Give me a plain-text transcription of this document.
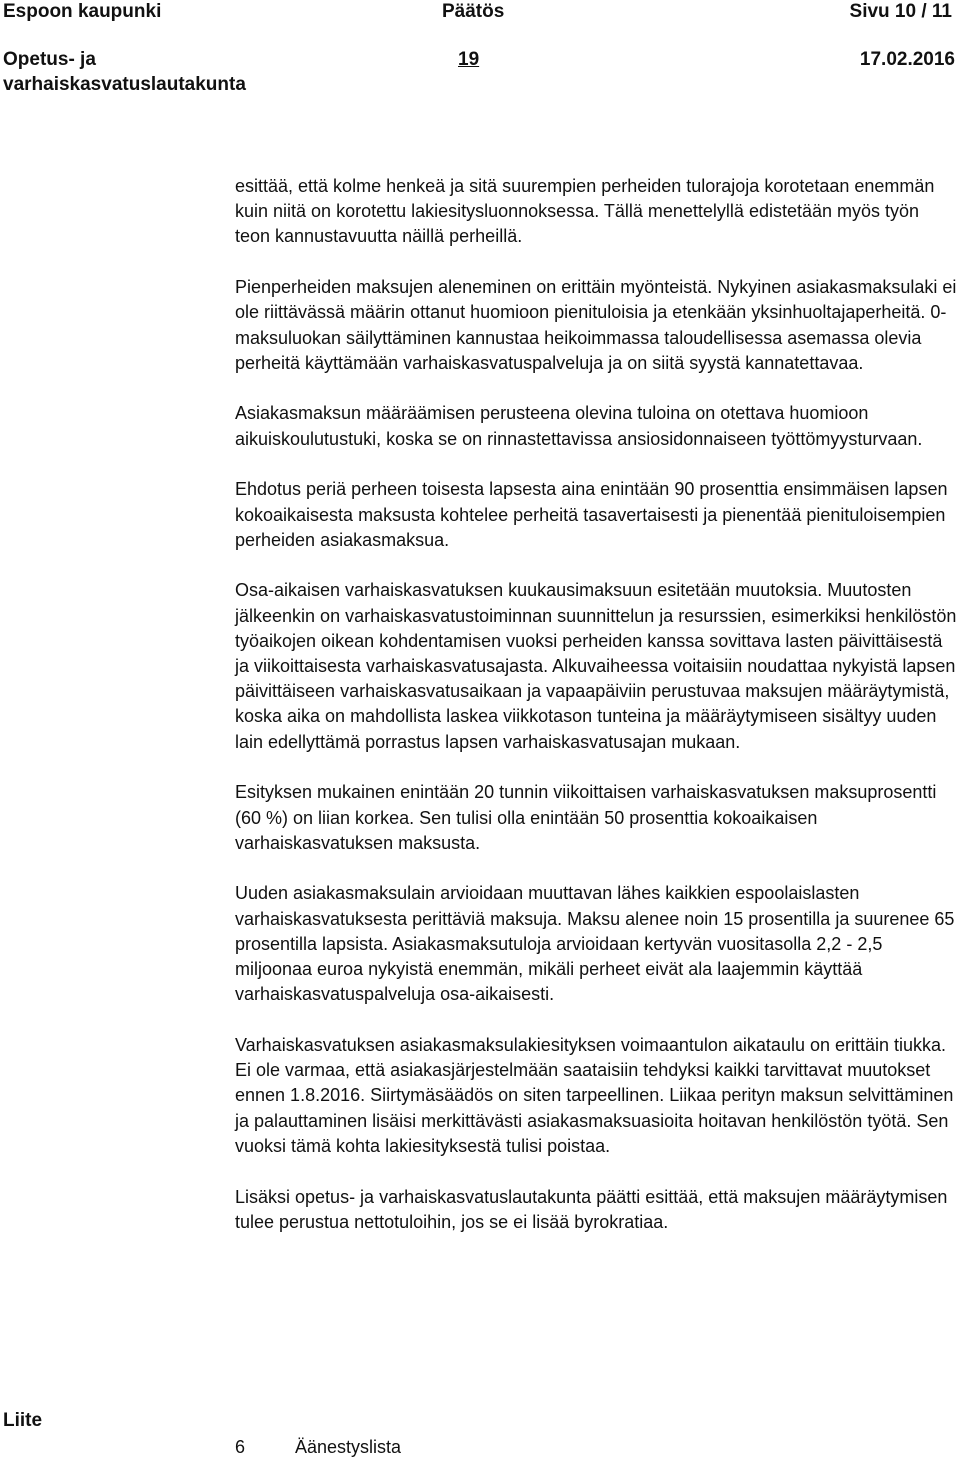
Espoon kaupunki	Päätös	Sivu 10 / 11
Opetus- ja
varhaiskasvatuslautakunta
19	17.02.2016

esittää, että kolme henkeä ja sitä suurempien perheiden tulorajoja korotetaan enemmän kuin niitä on korotettu lakiesitysluonnoksessa. Tällä menettelyllä edistetään myös työn teon kannustavuutta näillä perheillä.

Pienperheiden maksujen aleneminen on erittäin myönteistä. Nykyinen asiakasmaksulaki ei ole riittävässä määrin ottanut huomioon pienituloisia ja etenkään yksinhuoltajaperheitä. 0-maksuluokan säilyttäminen kannustaa heikoimmassa taloudellisessa asemassa olevia perheitä käyttämään varhaiskasvatuspalveluja ja on siitä syystä kannatettavaa.

Asiakasmaksun määräämisen perusteena olevina tuloina on otettava huomioon aikuiskoulutustuki, koska se on rinnastettavissa ansiosidonnaiseen työttömyysturvaan.

Ehdotus periä perheen toisesta lapsesta aina enintään 90 prosenttia ensimmäisen lapsen kokoaikaisesta maksusta kohtelee perheitä tasavertaisesti ja pienentää pienituloisempien perheiden asiakasmaksua.

Osa-aikaisen varhaiskasvatuksen kuukausimaksuun esitetään muutoksia. Muutosten jälkeenkin on varhaiskasvatustoiminnan suunnittelun ja resurssien, esimerkiksi henkilöstön työaikojen oikean kohdentamisen vuoksi perheiden kanssa sovittava lasten päivittäisestä ja viikoittaisesta varhaiskasvatusajasta. Alkuvaiheessa voitaisiin noudattaa nykyistä lapsen päivittäiseen varhaiskasvatusaikaan ja vapaapäiviin perustuvaa maksujen määräytymistä, koska aika on mahdollista laskea viikkotason tunteina ja määräytymiseen sisältyy uuden lain edellyttämä porrastus lapsen varhaiskasvatusajan mukaan.

Esityksen mukainen enintään 20 tunnin viikoittaisen varhaiskasvatuksen maksuprosentti (60 %) on liian korkea. Sen tulisi olla enintään 50 prosenttia kokoaikaisen varhaiskasvatuksen maksusta.

Uuden asiakasmaksulain arvioidaan muuttavan lähes kaikkien espoolaislasten varhaiskasvatuksesta perittäviä maksuja. Maksu alenee noin 15 prosentilla ja suurenee 65 prosentilla lapsista. Asiakasmaksutuloja arvioidaan kertyvän vuositasolla 2,2 - 2,5 miljoonaa euroa nykyistä enemmän, mikäli perheet eivät ala laajemmin käyttää varhaiskasvatuspalveluja osa-aikaisesti.

Varhaiskasvatuksen asiakasmaksulakiesityksen voimaantulon aikataulu on erittäin tiukka. Ei ole varmaa, että asiakasjärjestelmään saataisiin tehdyksi kaikki tarvittavat muutokset ennen 1.8.2016. Siirtymäsäädös on siten tarpeellinen. Liikaa perityn maksun selvittäminen ja palauttaminen lisäisi merkittävästi asiakasmaksuasioita hoitavan henkilöstön työtä. Sen vuoksi tämä kohta lakiesityksestä tulisi poistaa.

Lisäksi opetus- ja varhaiskasvatuslautakunta päätti esittää, että maksujen määräytymisen tulee perustua nettotuloihin, jos se ei lisää byrokratiaa.

Liite
6	Äänestyslista
